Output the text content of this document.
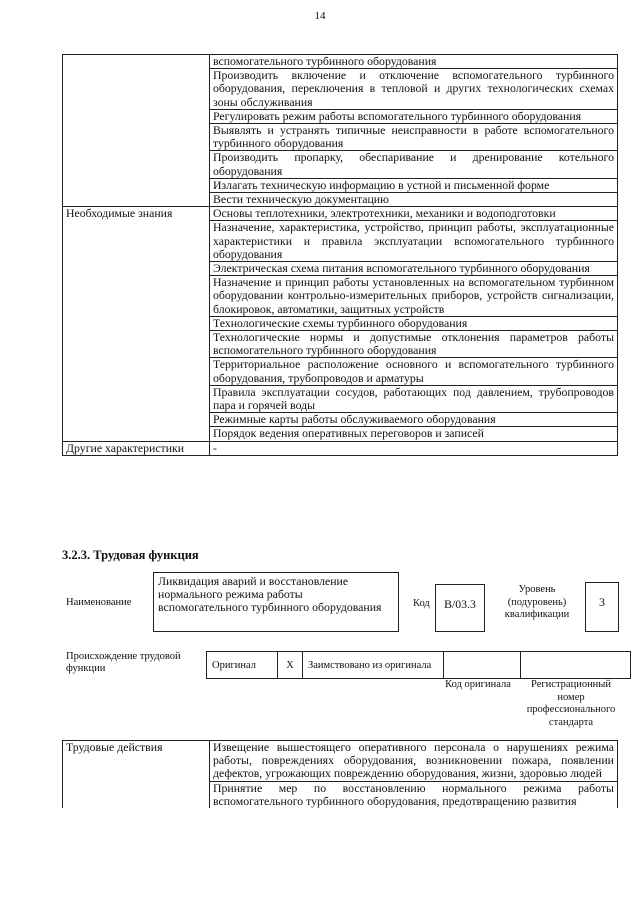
14
	вспомогательного турбинного оборудования
	Производить включение и отключение вспомогательного турбинного оборудования, переключения в тепловой и других технологических схемах зоны обслуживания
	Регулировать режим работы вспомогательного турбинного оборудования
	Выявлять и устранять типичные неисправности в работе вспомогательного турбинного оборудования
	Производить пропарку, обеспаривание и дренирование котельного оборудования
	Излагать техническую информацию в устной и письменной форме
	Вести техническую документацию
Необходимые знания	Основы теплотехники, электротехники, механики и водоподготовки
	Назначение, характеристика, устройство, принцип работы, эксплуатационные характеристики и правила эксплуатации вспомогательного турбинного оборудования
	Электрическая схема питания вспомогательного турбинного оборудования
	Назначение и принцип работы установленных на вспомогательном турбинном оборудовании контрольно-измерительных приборов, устройств сигнализации, блокировок, автоматики, защитных устройств
	Технологические схемы турбинного оборудования
	Технологические нормы и допустимые отклонения параметров работы вспомогательного турбинного оборудования
	Территориальное расположение основного и вспомогательного турбинного оборудования, трубопроводов и арматуры
	Правила эксплуатации сосудов, работающих под давлением, трубопроводов пара и горячей воды
	Режимные карты работы обслуживаемого оборудования
	Порядок ведения оперативных переговоров и записей
Другие характеристики	-
3.2.3. Трудовая функция
Наименование
Ликвидация аварий и восстановление нормального режима работы вспомогательного турбинного оборудования	Код	B/03.3
Уровень (подуровень) квалификации
3
Происхождение трудовой функции	Оригинал	X	Заимствовано из оригинала		
Код оригинала	Регистрационный номер профессионального стандарта
Трудовые действия	Извещение вышестоящего оперативного персонала о нарушениях режима работы, повреждениях оборудования, возникновении пожара, появлении дефектов, угрожающих повреждению оборудования, жизни, здоровью людей
Принятие мер по восстановлению нормального режима работы вспомогательного турбинного оборудования, предотвращению развития
